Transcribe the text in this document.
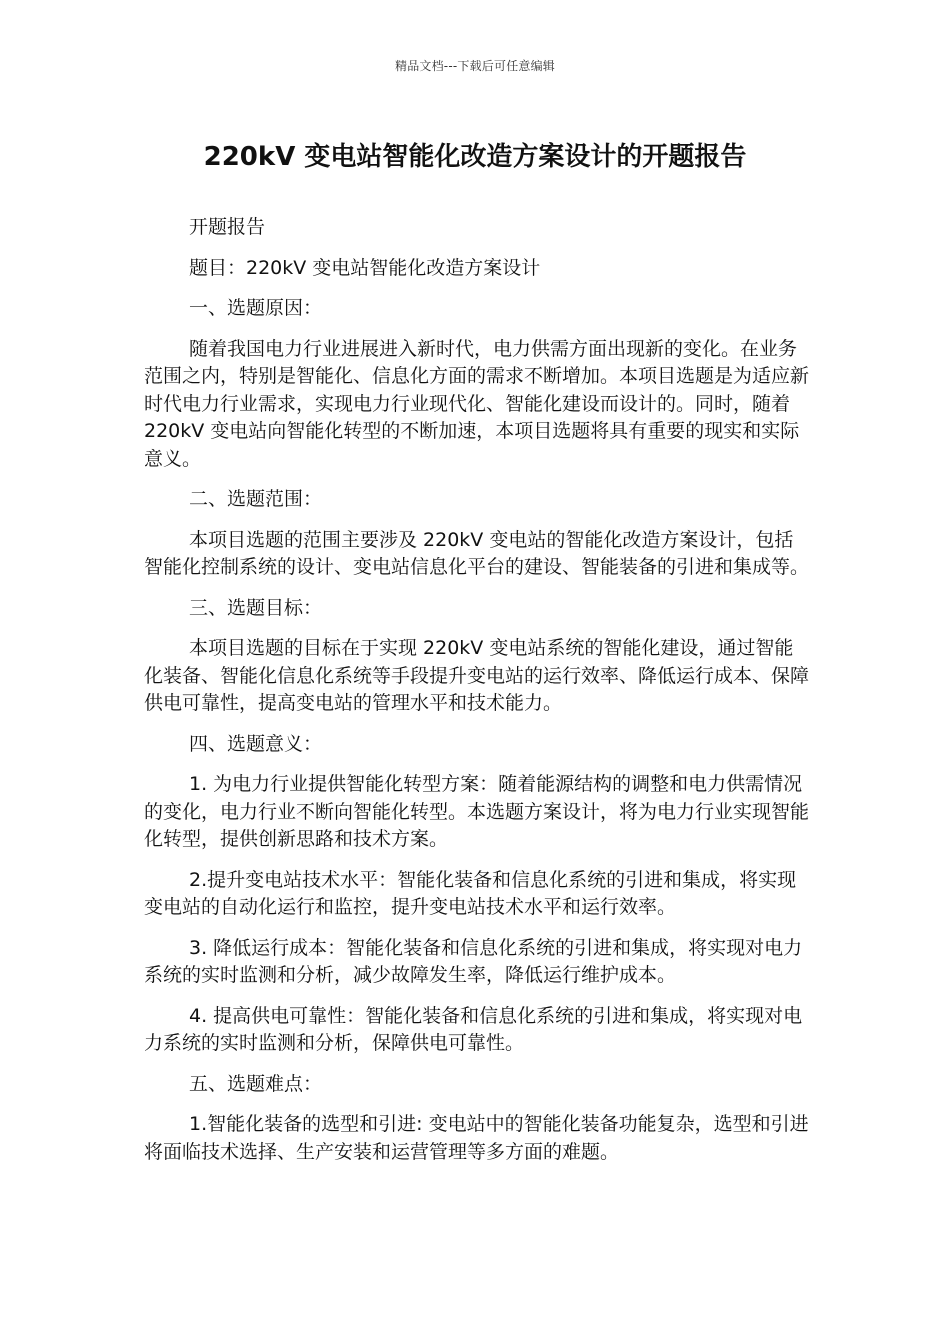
精品文档---下载后可任意编辑
220kV 变电站智能化改造方案设计的开题报告

开题报告

题目：220kV 变电站智能化改造方案设计

一、选题原因：

随着我国电力行业进展进入新时代，电力供需方面出现新的变化。在业务范围之内，特别是智能化、信息化方面的需求不断增加。本项目选题是为适应新时代电力行业需求，实现电力行业现代化、智能化建设而设计的。同时，随着 220kV 变电站向智能化转型的不断加速，本项目选题将具有重要的现实和实际意义。

二、选题范围：

本项目选题的范围主要涉及 220kV 变电站的智能化改造方案设计，包括智能化控制系统的设计、变电站信息化平台的建设、智能装备的引进和集成等。

三、选题目标：

本项目选题的目标在于实现 220kV 变电站系统的智能化建设，通过智能化装备、智能化信息化系统等手段提升变电站的运行效率、降低运行成本、保障供电可靠性，提高变电站的管理水平和技术能力。

四、选题意义：

1. 为电力行业提供智能化转型方案：随着能源结构的调整和电力供需情况的变化，电力行业不断向智能化转型。本选题方案设计，将为电力行业实现智能化转型，提供创新思路和技术方案。

2.提升变电站技术水平：智能化装备和信息化系统的引进和集成，将实现变电站的自动化运行和监控，提升变电站技术水平和运行效率。

3. 降低运行成本：智能化装备和信息化系统的引进和集成，将实现对电力系统的实时监测和分析，减少故障发生率，降低运行维护成本。

4. 提高供电可靠性：智能化装备和信息化系统的引进和集成，将实现对电力系统的实时监测和分析，保障供电可靠性。

五、选题难点：

1.智能化装备的选型和引进: 变电站中的智能化装备功能复杂，选型和引进将面临技术选择、生产安装和运营管理等多方面的难题。
